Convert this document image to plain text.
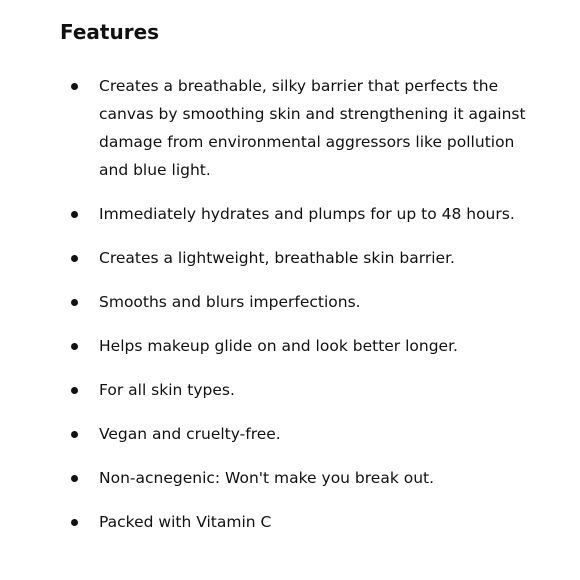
Features
Creates a breathable, silky barrier that perfects the canvas by smoothing skin and strengthening it against damage from environmental aggressors like pollution and blue light.
Immediately hydrates and plumps for up to 48 hours.
Creates a lightweight, breathable skin barrier.
Smooths and blurs imperfections.
Helps makeup glide on and look better longer.
For all skin types.
Vegan and cruelty-free.
Non-acnegenic: Won't make you break out.
Packed with Vitamin C
